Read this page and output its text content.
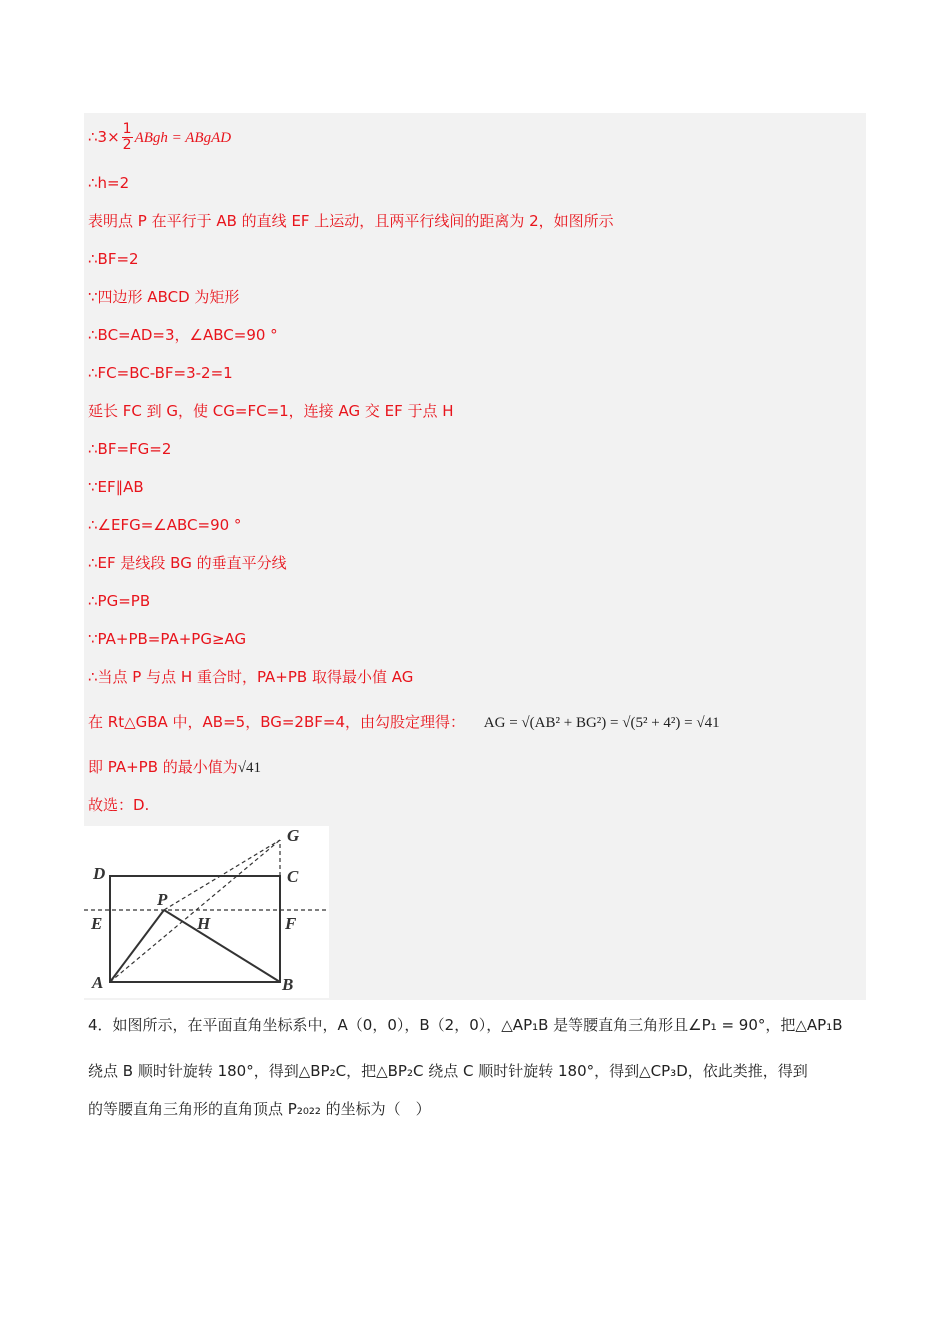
∴3× $\frac{1}{2}$ ABgh = ABgAD
∴h=2
表明点 P 在平行于 AB 的直线 EF 上运动，且两平行线间的距离为 2，如图所示
∴BF=2
∵四边形 ABCD 为矩形
∴BC=AD=3，∠ABC=90 °
∴FC=BC-BF=3-2=1
延长 FC 到 G，使 CG=FC=1，连接 AG 交 EF 于点 H
∴BF=FG=2
∵EF∥AB
∴∠EFG=∠ABC=90 °
∴EF 是线段 BG 的垂直平分线
∴PG=PB
∵PA+PB=PA+PG≥AG
∴当点 P 与点 H 重合时，PA+PB 取得最小值 AG
在 Rt△GBA 中，AB=5，BG=2BF=4，由勾股定理得： AG = √(AB² + BG²) = √(5² + 4²) = √41
即 PA+PB 的最小值为√41
故选：D.
G
D	C
P
E	H	F
A	B
4．如图所示，在平面直角坐标系中，A（0，0），B（2，0），△AP₁B 是等腰直角三角形且∠P₁ = 90°，把△AP₁B
绕点 B 顺时针旋转 180°，得到△BP₂C，把△BP₂C 绕点 C 顺时针旋转 180°，得到△CP₃D，依此类推，得到
的等腰直角三角形的直角顶点 P₂₀₂₂ 的坐标为（　）
